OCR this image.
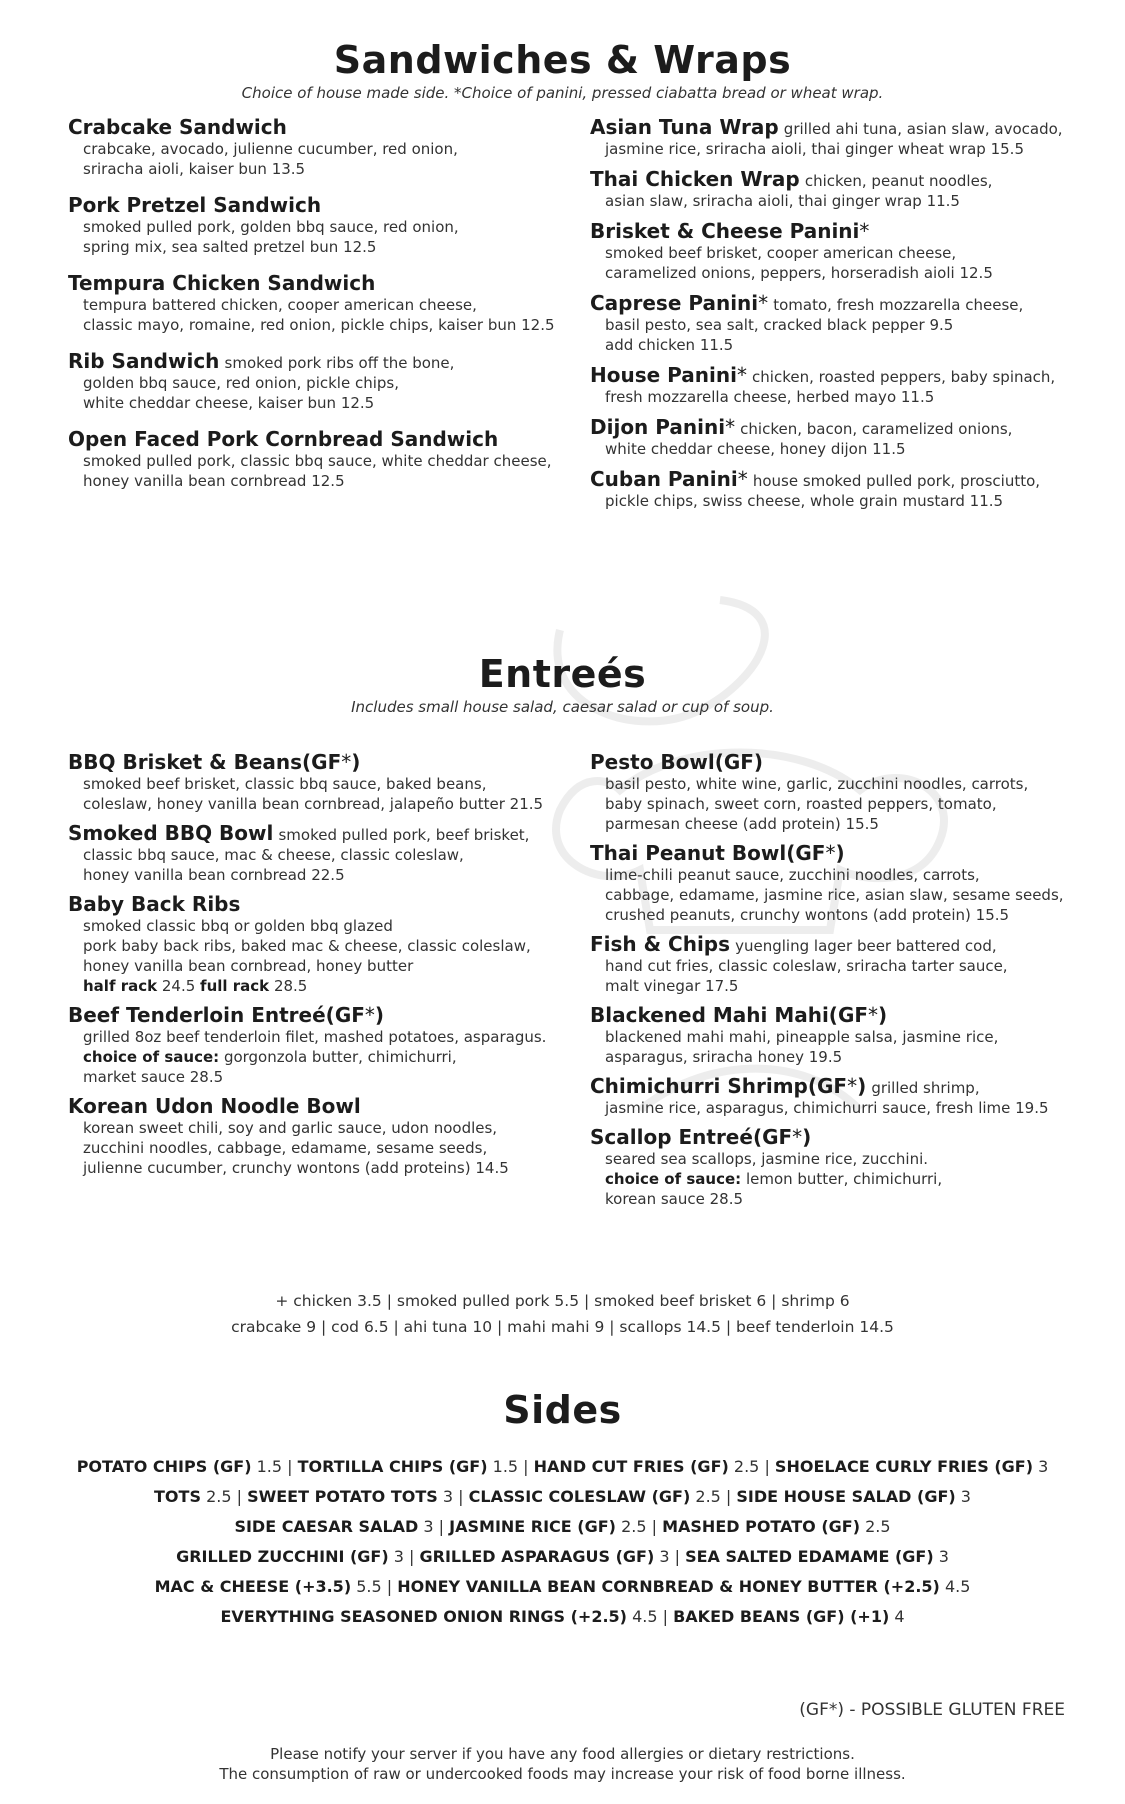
Sandwiches & Wraps
Choice of house made side. *Choice of panini, pressed ciabatta bread or wheat wrap.
Crabcake Sandwich
crabcake, avocado, julienne cucumber, red onion,
sriracha aioli, kaiser bun 13.5
Pork Pretzel Sandwich
smoked pulled pork, golden bbq sauce, red onion,
spring mix, sea salted pretzel bun 12.5
Tempura Chicken Sandwich
tempura battered chicken, cooper american cheese,
classic mayo, romaine, red onion, pickle chips, kaiser bun 12.5
Rib Sandwich smoked pork ribs off the bone,
golden bbq sauce, red onion, pickle chips,
white cheddar cheese, kaiser bun 12.5
Open Faced Pork Cornbread Sandwich
smoked pulled pork, classic bbq sauce, white cheddar cheese,
honey vanilla bean cornbread 12.5
Asian Tuna Wrap grilled ahi tuna, asian slaw, avocado,
jasmine rice, sriracha aioli, thai ginger wheat wrap 15.5
Thai Chicken Wrap chicken, peanut noodles,
asian slaw, sriracha aioli, thai ginger wrap 11.5
Brisket & Cheese Panini*
smoked beef brisket, cooper american cheese,
caramelized onions, peppers, horseradish aioli 12.5
Caprese Panini* tomato, fresh mozzarella cheese,
basil pesto, sea salt, cracked black pepper 9.5
add chicken 11.5
House Panini* chicken, roasted peppers, baby spinach,
fresh mozzarella cheese, herbed mayo 11.5
Dijon Panini* chicken, bacon, caramelized onions,
white cheddar cheese, honey dijon 11.5
Cuban Panini* house smoked pulled pork, prosciutto,
pickle chips, swiss cheese, whole grain mustard 11.5
Entreés
Includes small house salad, caesar salad or cup of soup.
BBQ Brisket & Beans(GF*)
smoked beef brisket, classic bbq sauce, baked beans,
coleslaw, honey vanilla bean cornbread, jalapeño butter 21.5
Smoked BBQ Bowl smoked pulled pork, beef brisket,
classic bbq sauce, mac & cheese, classic coleslaw,
honey vanilla bean cornbread 22.5
Baby Back Ribs
smoked classic bbq or golden bbq glazed
pork baby back ribs, baked mac & cheese, classic coleslaw,
honey vanilla bean cornbread, honey butter
half rack 24.5 full rack 28.5
Beef Tenderloin Entreé(GF*)
grilled 8oz beef tenderloin filet, mashed potatoes, asparagus.
choice of sauce: gorgonzola butter, chimichurri,
market sauce 28.5
Korean Udon Noodle Bowl
korean sweet chili, soy and garlic sauce, udon noodles,
zucchini noodles, cabbage, edamame, sesame seeds,
julienne cucumber, crunchy wontons (add proteins) 14.5
Pesto Bowl(GF)
basil pesto, white wine, garlic, zucchini noodles, carrots,
baby spinach, sweet corn, roasted peppers, tomato,
parmesan cheese (add protein) 15.5
Thai Peanut Bowl(GF*)
lime-chili peanut sauce, zucchini noodles, carrots,
cabbage, edamame, jasmine rice, asian slaw, sesame seeds,
crushed peanuts, crunchy wontons (add protein) 15.5
Fish & Chips yuengling lager beer battered cod,
hand cut fries, classic coleslaw, sriracha tarter sauce,
malt vinegar 17.5
Blackened Mahi Mahi(GF*)
blackened mahi mahi, pineapple salsa, jasmine rice,
asparagus, sriracha honey 19.5
Chimichurri Shrimp(GF*) grilled shrimp,
jasmine rice, asparagus, chimichurri sauce, fresh lime 19.5
Scallop Entreé(GF*)
seared sea scallops, jasmine rice, zucchini.
choice of sauce: lemon butter, chimichurri,
korean sauce 28.5
+ chicken 3.5 | smoked pulled pork 5.5 | smoked beef brisket 6 | shrimp 6
crabcake 9 | cod 6.5 | ahi tuna 10 | mahi mahi 9 | scallops 14.5 | beef tenderloin 14.5
Sides
POTATO CHIPS (GF) 1.5 | TORTILLA CHIPS (GF) 1.5 | HAND CUT FRIES (GF) 2.5 | SHOELACE CURLY FRIES (GF) 3
TOTS 2.5 | SWEET POTATO TOTS 3 | CLASSIC COLESLAW (GF) 2.5 | SIDE HOUSE SALAD (GF) 3
SIDE CAESAR SALAD 3 | JASMINE RICE (GF) 2.5 | MASHED POTATO (GF) 2.5
GRILLED ZUCCHINI (GF) 3 | GRILLED ASPARAGUS (GF) 3 | SEA SALTED EDAMAME (GF) 3
MAC & CHEESE (+3.5) 5.5 | HONEY VANILLA BEAN CORNBREAD & HONEY BUTTER (+2.5) 4.5
EVERYTHING SEASONED ONION RINGS (+2.5) 4.5 | BAKED BEANS (GF) (+1) 4
(GF*) - POSSIBLE GLUTEN FREE
Please notify your server if you have any food allergies or dietary restrictions.
The consumption of raw or undercooked foods may increase your risk of food borne illness.
